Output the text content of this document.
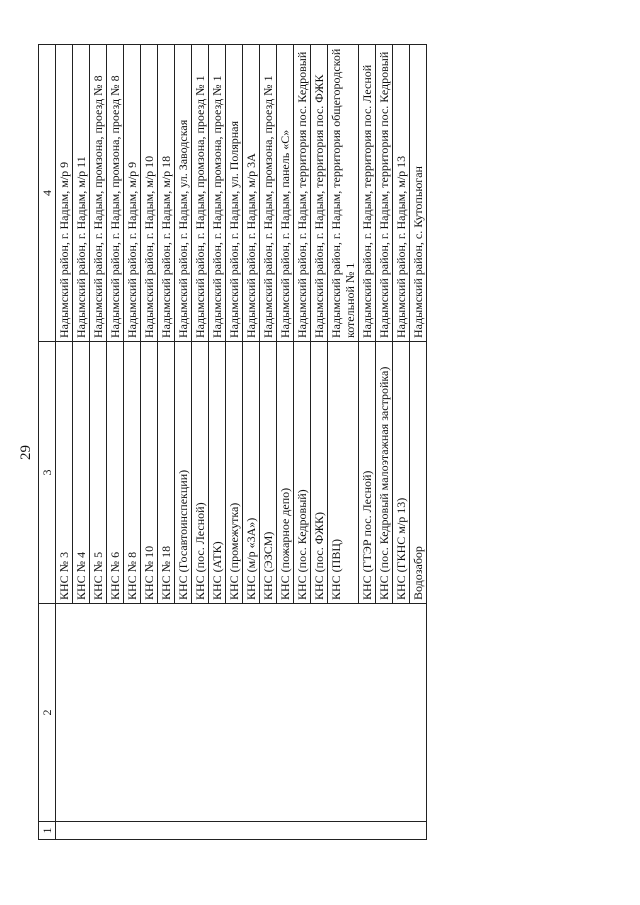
29
1	2	3	4
		КНС № 3	Надымский район, г. Надым, м/р 9
		КНС № 4	Надымский район, г. Надым, м/р 11
		КНС № 5	Надымский район, г. Надым, промзона, проезд № 8
		КНС № 6	Надымский район, г. Надым, промзона, проезд № 8
		КНС № 8	Надымский район, г. Надым, м/р 9
		КНС № 10	Надымский район, г. Надым, м/р 10
		КНС № 18	Надымский район, г. Надым, м/р 18
		КНС (Госавтоинспекции)	Надымский район, г. Надым, ул. Заводская
		КНС (пос. Лесной)	Надымский район, г. Надым, промзона, проезд № 1
		КНС (АТК)	Надымский район, г. Надым, промзона, проезд № 1
		КНС (промежутка)	Надымский район, г. Надым, ул. Полярная
		КНС (м/р «3А»)	Надымский район, г. Надым, м/р 3А
		КНС (ЭЗСМ)	Надымский район, г. Надым, промзона, проезд № 1
		КНС (пожарное депо)	Надымский район, г. Надым, панель «С»
		КНС (пос. Кедровый)	Надымский район, г. Надым, территория пос. Кедровый
		КНС (пос. ФЖК)	Надымский район, г. Надым, территория пос. ФЖК
		КНС (ПВЦ)	Надымский район, г. Надым, территория общегородской котельной № 1
		КНС (ГТЭР пос. Лесной)	Надымский район, г. Надым, территория пос. Лесной
		КНС (пос. Кедровый малоэтажная застройка)	Надымский район, г. Надым, территория пос. Кедровый
		КНС (ГКНС м/р 13)	Надымский район, г. Надым, м/р 13
		Водозабор	Надымский район, с. Кутопьюган
